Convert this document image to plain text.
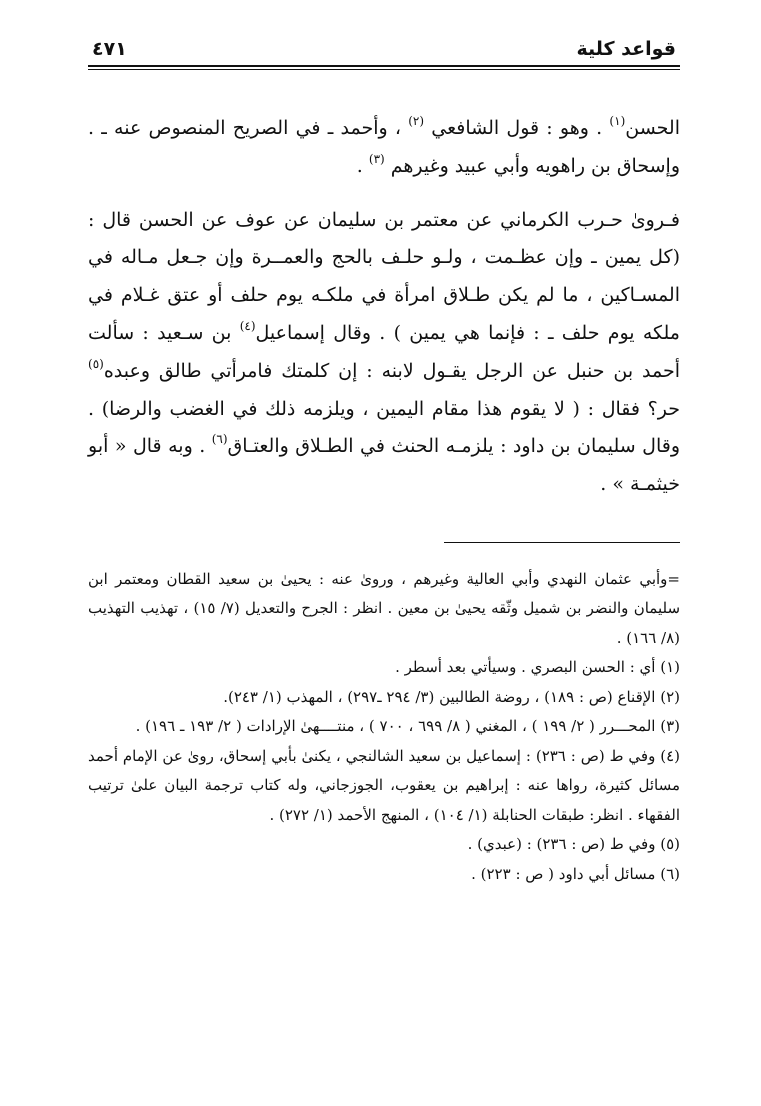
قواعد كلية
٤٧١

الحسن$^{(١)}$ . وهو : قول الشافعي $^{(٢)}$ ، وأحمد ـ في الصريح المنصوص عنه ـ . وإسحاق بن راهويه وأبي عبيد وغيرهم $^{(٣)}$ .

فـروىٰ حـرب الكرماني عن معتمر بن سليمان عن عوف عن الحسن قال : (كل يمين ـ وإن عظـمت ، ولـو حلـف بالحج والعمــرة وإن جـعل مـاله في المسـاكين ، ما لم يكن طـلاق امرأة في ملكـه يوم حلف أو عتق غـلام في ملكه يوم حلف ـ : فإنما هي يمين ) . وقال إسماعيل$^{(٤)}$ بن سـعيد : سألت أحمد بن حنبل عن الرجل يقـول لابنه : إن كلمتك فامرأتي طالق وعبده$^{(٥)}$ حر؟ فقال : ( لا يقوم هذا مقام اليمين ، ويلزمه ذلك في الغضب والرضا) . وقال سليمان بن داود : يلزمـه الحنث في الطـلاق والعتـاق$^{(٦)}$ . وبه قال « أبو خيثمـة » .

=وأبي عثمان النهدي وأبي العالية وغيرهم ، وروىٰ عنه : يحيىٰ بن سعيد القطان ومعتمر ابن سليمان والنضر بن شميل وثّقه يحيىٰ بن معين . انظر : الجرح والتعديل (٧/ ١٥) ، تهذيب التهذيب (٨/ ١٦٦) .

(١) أي : الحسن البصري . وسيأتي بعد أسطر .

(٢) الإقناع (ص : ١٨٩) ، روضة الطالبين (٣/ ٢٩٤ ـ٢٩٧) ، المهذب (١/ ٢٤٣).

(٣) المحـــرر ( ٢/ ١٩٩ ) ، المغني ( ٨/ ٦٩٩ ، ٧٠٠ ) ، منتــــهىٰ الإرادات ( ٢/ ١٩٣ ـ ١٩٦) .

(٤) وفي ط (ص : ٢٣٦) : إسماعيل بن سعيد الشالنجي ، يكنىٰ بأبي إسحاق، روىٰ عن الإمام أحمد مسائل كثيرة، رواها عنه : إبراهيم بن يعقوب، الجوزجاني، وله كتاب ترجمة البيان علىٰ ترتيب الفقهاء . انظر: طبقات الحنابلة (١/ ١٠٤) ، المنهج الأحمد (١/ ٢٧٢) .

(٥) وفي ط (ص : ٢٣٦) : (عبدي) .

(٦) مسائل أبي داود ( ص : ٢٢٣) .
